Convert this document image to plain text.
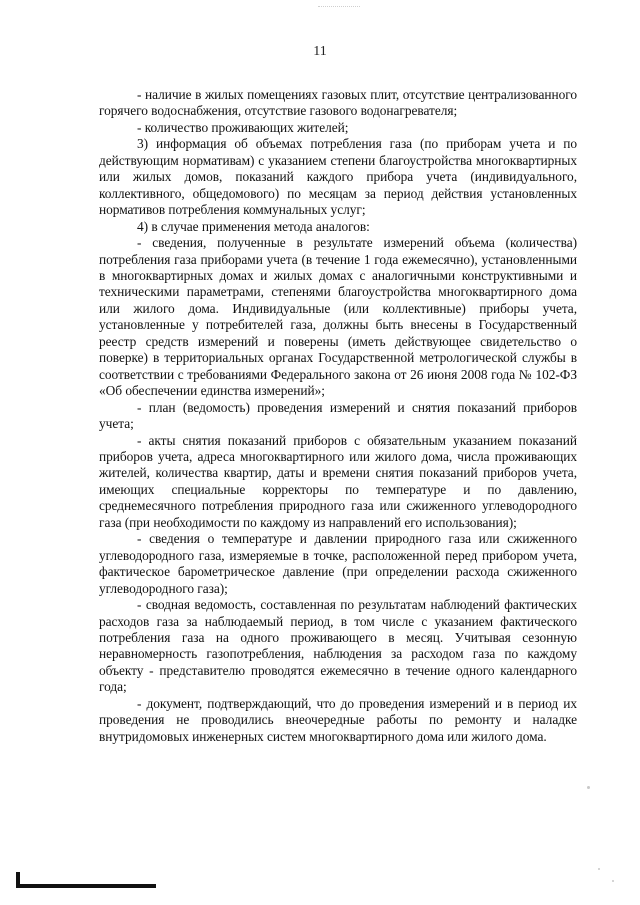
11

- наличие в жилых помещениях газовых плит, отсутствие централизованного горячего водоснабжения, отсутствие газового водонагревателя;

- количество проживающих жителей;

3) информация об объемах потребления газа (по приборам учета и по действующим нормативам) с указанием степени благоустройства многоквартирных или жилых домов, показаний каждого прибора учета (индивидуального, коллективного, общедомового) по месяцам за период действия установленных нормативов потребления коммунальных услуг;

4) в случае применения метода аналогов:

- сведения, полученные в результате измерений объема (количества) потребления газа приборами учета (в течение 1 года ежемесячно), установленными в многоквартирных домах и жилых домах с аналогичными конструктивными и техническими параметрами, степенями благоустройства многоквартирного дома или жилого дома. Индивидуальные (или коллективные) приборы учета, установленные у потребителей газа, должны быть внесены в Государственный реестр средств измерений и поверены (иметь действующее свидетельство о поверке) в территориальных органах Государственной метрологической службы в соответствии с требованиями Федерального закона от 26 июня 2008 года № 102-ФЗ «Об обеспечении единства измерений»;

- план (ведомость) проведения измерений и снятия показаний приборов учета;

- акты снятия показаний приборов с обязательным указанием показаний приборов учета, адреса многоквартирного или жилого дома, числа проживающих жителей, количества квартир, даты и времени снятия показаний приборов учета, имеющих специальные корректоры по температуре и по давлению, среднемесячного потребления природного газа или сжиженного углеводородного газа (при необходимости по каждому из направлений его использования);

- сведения о температуре и давлении природного газа или сжиженного углеводородного газа, измеряемые в точке, расположенной перед прибором учета, фактическое барометрическое давление (при определении расхода сжиженного углеводородного газа);

- сводная ведомость, составленная по результатам наблюдений фактических расходов газа за наблюдаемый период, в том числе с указанием фактического потребления газа на одного проживающего в месяц. Учитывая сезонную неравномерность газопотребления, наблюдения за расходом газа по каждому объекту - представителю проводятся ежемесячно в течение одного календарного года;

- документ, подтверждающий, что до проведения измерений и в период их проведения не проводились внеочередные работы по ремонту и наладке внутридомовых инженерных систем многоквартирного дома или жилого дома.
